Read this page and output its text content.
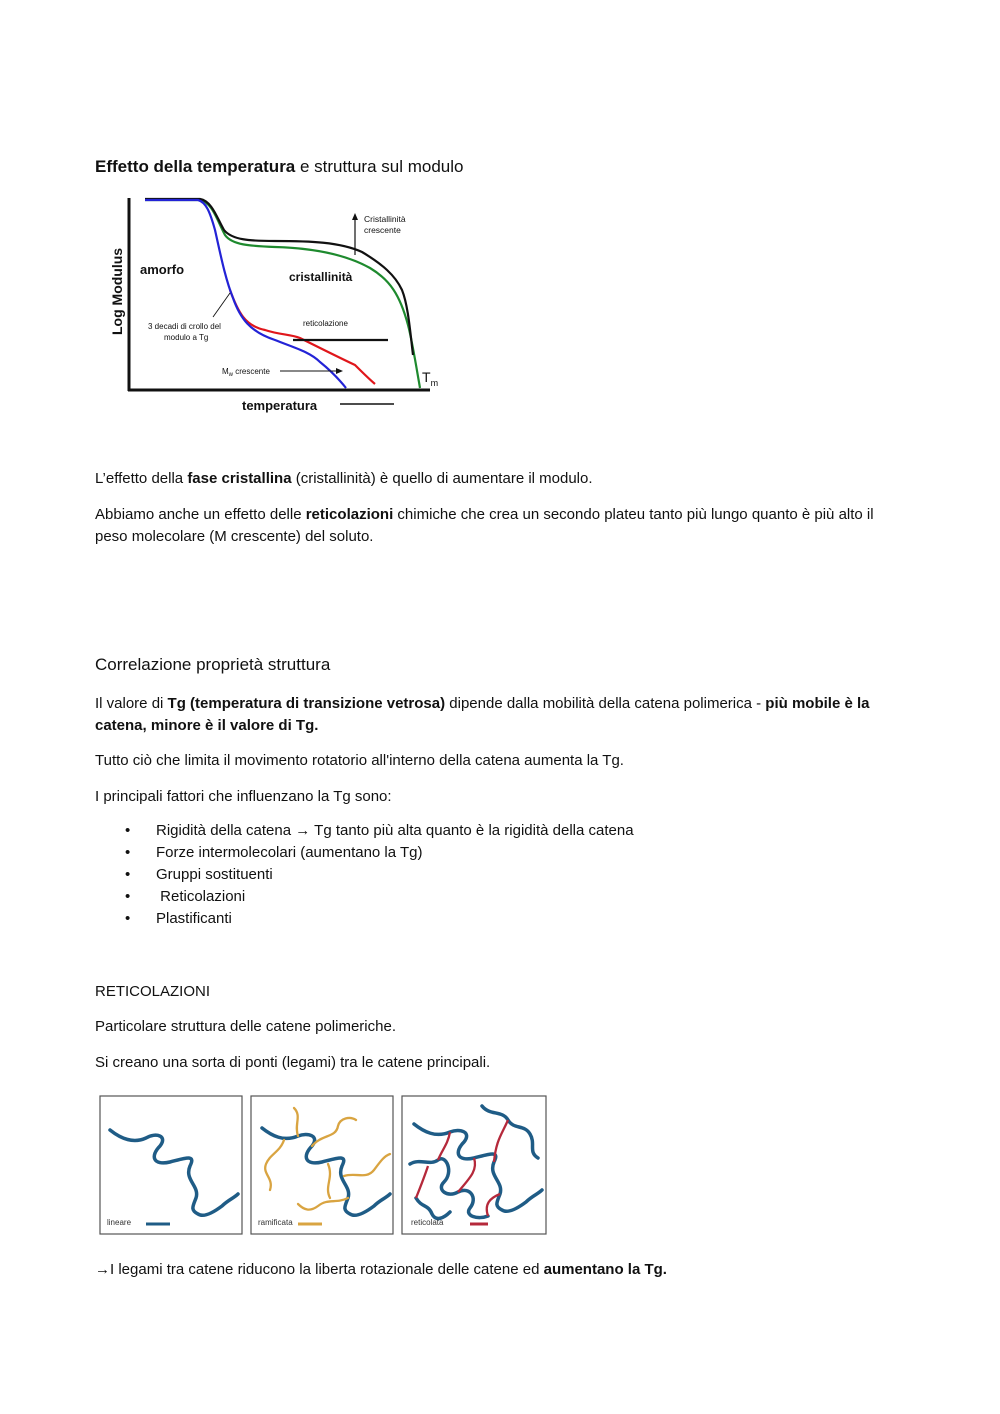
Effetto della temperatura e struttura sul modulo
Log Modulus
temperatura
amorfo	cristallinità
Cristallinità
crescente
3 decadi di crollo del
modulo a Tg
reticolazione
$M_w$ crescente	$T_m$
L’effetto della fase cristallina (cristallinità) è quello di aumentare il modulo.
Abbiamo anche un effetto delle reticolazioni chimiche che crea un secondo plateu tanto più lungo quanto è più alto il peso molecolare (M crescente) del soluto.
Correlazione proprietà struttura
Il valore di Tg (temperatura di transizione vetrosa) dipende dalla mobilità della catena polimerica - più mobile è la catena, minore è il valore di Tg.
Tutto ciò che limita il movimento rotatorio all'interno della catena aumenta la Tg.
I principali fattori che influenzano la Tg sono:
• Rigidità della catena → Tg tanto più alta quanto è la rigidità della catena
• Forze intermolecolari (aumentano la Tg)
• Gruppi sostituenti
• Reticolazioni
• Plastificanti
RETICOLAZIONI
Particolare struttura delle catene polimeriche.
Si creano una sorta di ponti (legami) tra le catene principali.
lineare	ramificata	reticolata
→I legami tra catene riducono la liberta rotazionale delle catene ed aumentano la Tg.
